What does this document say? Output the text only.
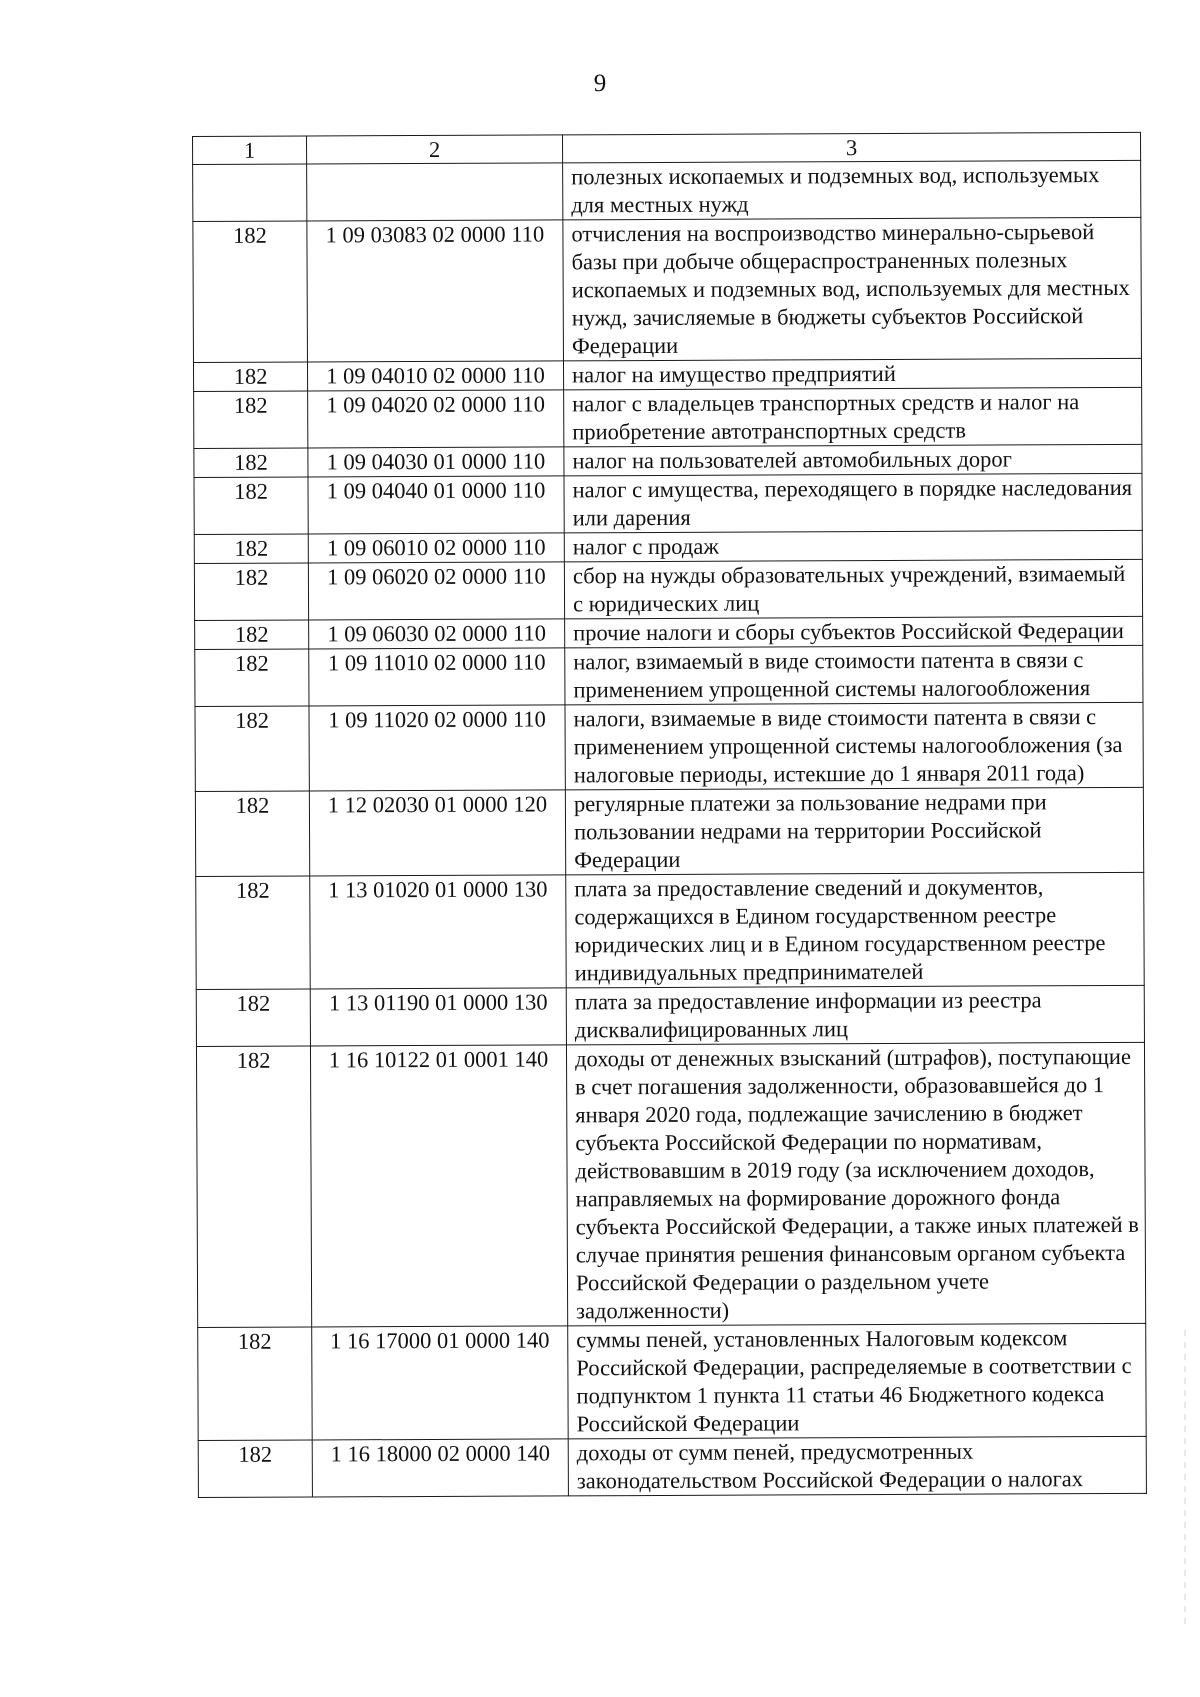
9
1	2	3
		полезных ископаемых и подземных вод, используемых для местных нужд
182	1 09 03083 02 0000 110	отчисления на воспроизводство минерально-сырьевой базы при добыче общераспространенных полезных ископаемых и подземных вод, используемых для местных нужд, зачисляемые в бюджеты субъектов Российской Федерации
182	1 09 04010 02 0000 110	налог на имущество предприятий
182	1 09 04020 02 0000 110	налог с владельцев транспортных средств и налог на приобретение автотранспортных средств
182	1 09 04030 01 0000 110	налог на пользователей автомобильных дорог
182	1 09 04040 01 0000 110	налог с имущества, переходящего в порядке наследования или дарения
182	1 09 06010 02 0000 110	налог с продаж
182	1 09 06020 02 0000 110	сбор на нужды образовательных учреждений, взимаемый с юридических лиц
182	1 09 06030 02 0000 110	прочие налоги и сборы субъектов Российской Федерации
182	1 09 11010 02 0000 110	налог, взимаемый в виде стоимости патента в связи с применением упрощенной системы налогообложения
182	1 09 11020 02 0000 110	налоги, взимаемые в виде стоимости патента в связи с применением упрощенной системы налогообложения (за налоговые периоды, истекшие до 1 января 2011 года)
182	1 12 02030 01 0000 120	регулярные платежи за пользование недрами при пользовании недрами на территории Российской Федерации
182	1 13 01020 01 0000 130	плата за предоставление сведений и документов, содержащихся в Едином государственном реестре юридических лиц и в Едином государственном реестре индивидуальных предпринимателей
182	1 13 01190 01 0000 130	плата за предоставление информации из реестра дисквалифицированных лиц
182	1 16 10122 01 0001 140	доходы от денежных взысканий (штрафов), поступающие в счет погашения задолженности, образовавшейся до 1 января 2020 года, подлежащие зачислению в бюджет субъекта Российской Федерации по нормативам, действовавшим в 2019 году (за исключением доходов, направляемых на формирование дорожного фонда субъекта Российской Федерации, а также иных платежей в случае принятия решения финансовым органом субъекта Российской Федерации о раздельном учете задолженности)
182	1 16 17000 01 0000 140	суммы пеней, установленных Налоговым кодексом Российской Федерации, распределяемые в соответствии с подпунктом 1 пункта 11 статьи 46 Бюджетного кодекса Российской Федерации
182	1 16 18000 02 0000 140	доходы от сумм пеней, предусмотренных законодательством Российской Федерации о налогах
